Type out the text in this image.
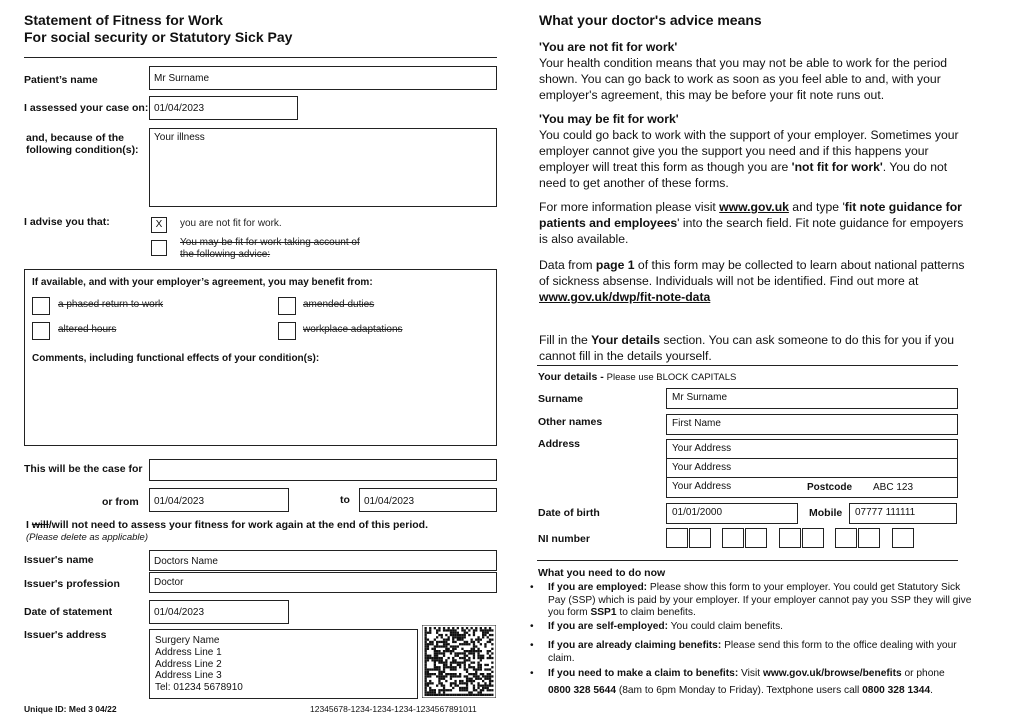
Statement of Fitness for Work
For social security or Statutory Sick Pay
Patient’s name	Mr Surname
I assessed your case on: 01/04/2023
and, because of the following condition(s):
Your illness
I advise you that:	X	you are not fit for work.
You may be fit for work taking account of the following advice:
If available, and with your employer’s agreement, you may benefit from:
a phased return to work	amended duties
altered hours	workplace adaptations
Comments, including functional effects of your condition(s):
This will be the case for
or from	01/04/2023	to	01/04/2023
I will/will not need to assess your fitness for work again at the end of this period.
(Please delete as applicable)
Issuer's name	Doctors Name
Issuer's profession	Doctor
Date of statement	01/04/2023
Issuer's address	Surgery Name
Address Line 1
Address Line 2
Address Line 3
Tel: 01234 5678910
Unique ID: Med 3 04/22	12345678-1234-1234-1234-1234567891011
What your doctor's advice means

'You are not fit for work'

Your health condition means that you may not be able to work for the period shown. You can go back to work as soon as you feel able to and, with your employer's agreement, this may be before your fit note runs out.

'You may be fit for work'

You could go back to work with the support of your employer. Sometimes your employer cannot give you the support you need and if this happens your employer will treat this form as though you are 'not fit for work'. You do not need to get another of these forms.

For more information please visit www.gov.uk and type 'fit note guidance for patients and employees' into the search field. Fit note guidance for empoyers is also available.
Data from page 1 of this form may be collected to learn about national patterns of sickness absense. Individuals will not be identified. Find out more at www.gov.uk/dwp/fit-note-data
Fill in the Your details section. You can ask someone to do this for you if you cannot fill in the details yourself.
Your details - Please use BLOCK CAPITALS
Surname	Mr Surname
Other names	First Name
Address	Your Address
Your Address
Your Address	Postcode ABC 123
Date of birth	01/01/2000	Mobile	07777 111111
NI number
What you need to do now
• If you are employed: Please show this form to your employer. You could get Statutory Sick Pay (SSP) which is paid by your employer. If your employer cannot pay you SSP they will give you form SSP1 to claim benefits.
• If you are self-employed: You could claim benefits.
• If you are already claiming benefits: Please send this form to the office dealing with your claim.
• If you need to make a claim to benefits: Visit www.gov.uk/browse/benefits or phone
0800 328 5644 (8am to 6pm Monday to Friday). Textphone users call 0800 328 1344.
